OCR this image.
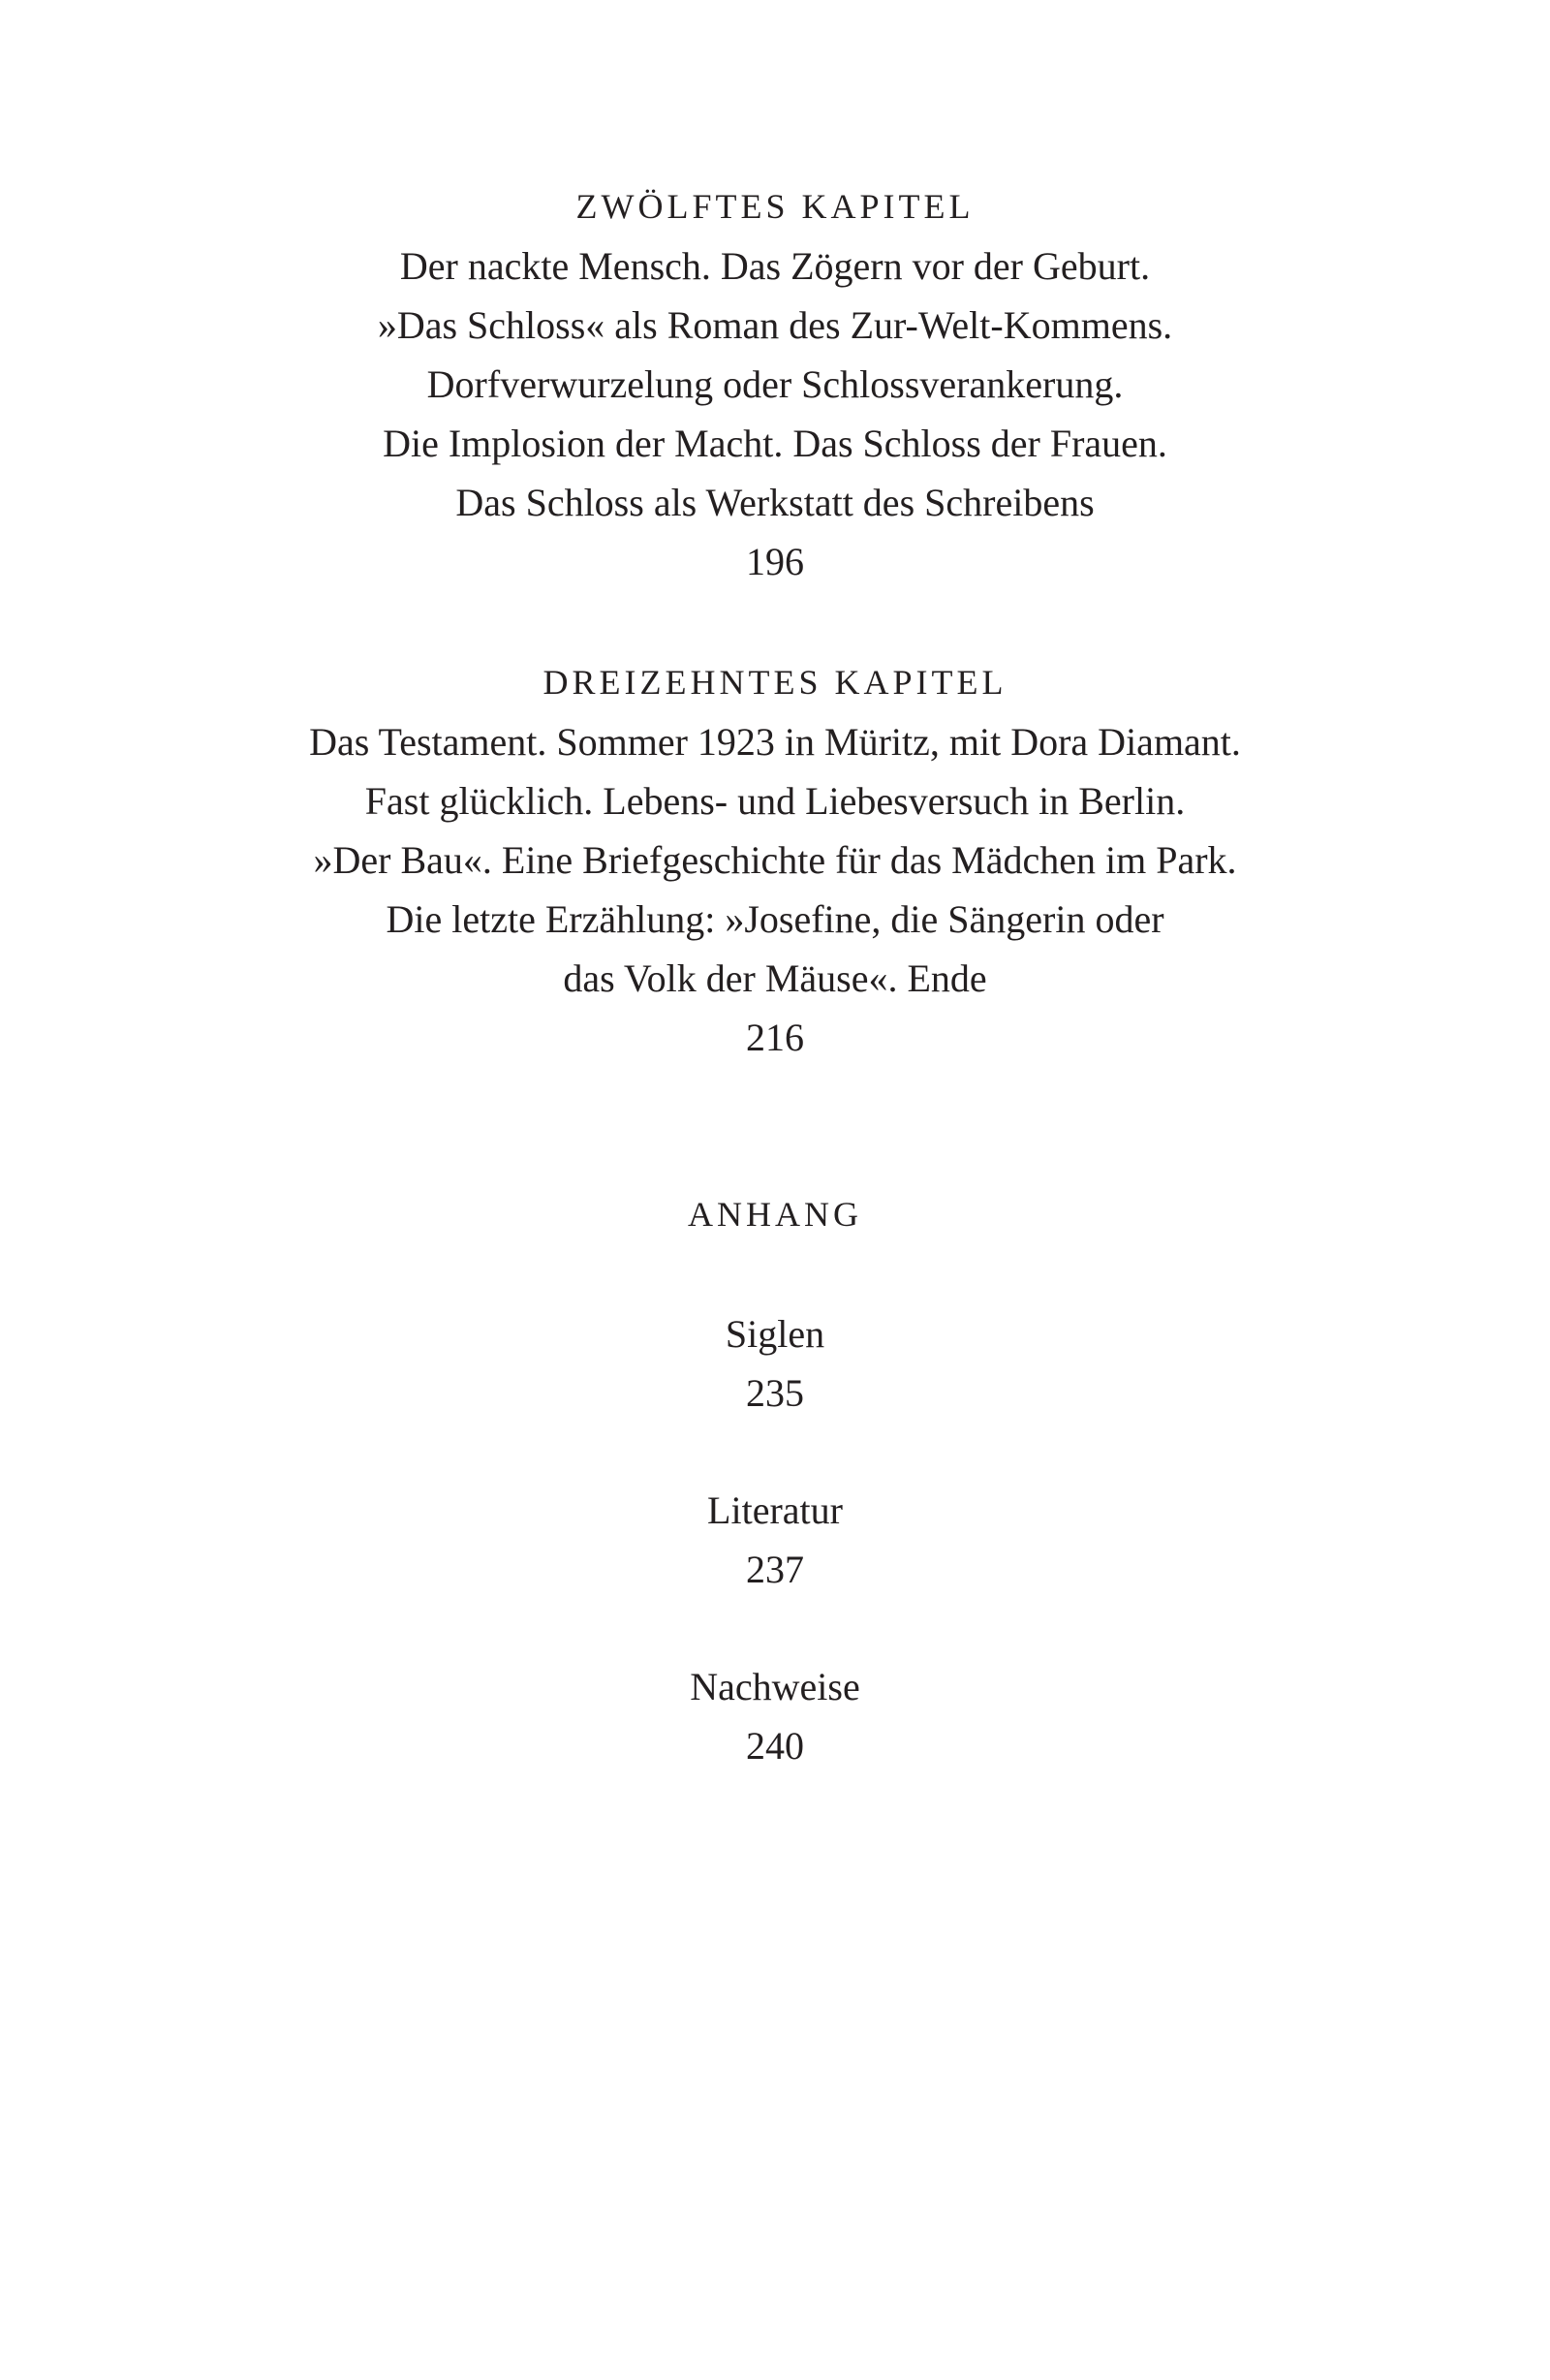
ZWÖLFTES KAPITEL
Der nackte Mensch. Das Zögern vor der Geburt.
»Das Schloss« als Roman des Zur-Welt-Kommens.
Dorfverwurzelung oder Schlossverankerung.
Die Implosion der Macht. Das Schloss der Frauen.
Das Schloss als Werkstatt des Schreibens
196
DREIZEHNTES KAPITEL
Das Testament. Sommer 1923 in Müritz, mit Dora Diamant.
Fast glücklich. Lebens- und Liebesversuch in Berlin.
»Der Bau«. Eine Briefgeschichte für das Mädchen im Park.
Die letzte Erzählung: »Josefine, die Sängerin oder
das Volk der Mäuse«. Ende
216
ANHANG
Siglen
235
Literatur
237
Nachweise
240
